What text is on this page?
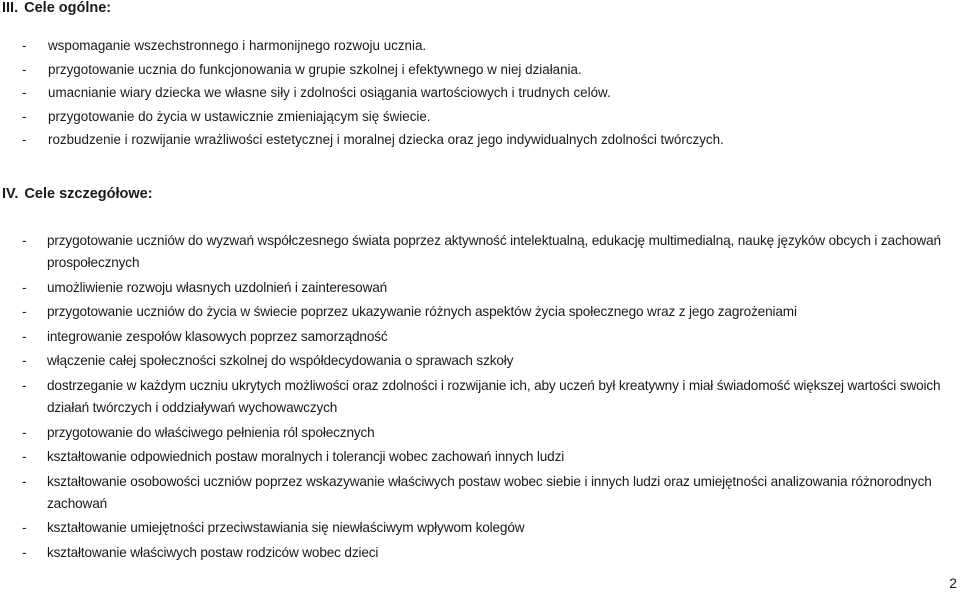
III. Cele ogólne:
- wspomaganie wszechstronnego i harmonijnego rozwoju ucznia.
- przygotowanie ucznia do funkcjonowania w grupie szkolnej i efektywnego w niej działania.
- umacnianie wiary dziecka we własne siły i zdolności osiągania wartościowych i trudnych celów.
- przygotowanie do życia w ustawicznie zmieniającym się świecie.
- rozbudzenie i rozwijanie wrażliwości estetycznej i moralnej dziecka oraz jego indywidualnych zdolności twórczych.
IV. Cele szczegółowe:
- przygotowanie uczniów do wyzwań współczesnego świata poprzez aktywność intelektualną, edukację multimedialną, naukę języków obcych i zachowań prospołecznych
- umożliwienie rozwoju własnych uzdolnień i zainteresowań
- przygotowanie uczniów do życia w świecie poprzez ukazywanie różnych aspektów życia społecznego wraz z jego zagrożeniami
- integrowanie zespołów klasowych poprzez samorządność
- włączenie całej społeczności szkolnej do współdecydowania o sprawach szkoły
- dostrzeganie w każdym uczniu ukrytych możliwości oraz zdolności i rozwijanie ich, aby uczeń był kreatywny i miał świadomość większej wartości swoich działań twórczych i oddziaływań wychowawczych
- przygotowanie do właściwego pełnienia ról społecznych
- kształtowanie odpowiednich postaw moralnych i tolerancji wobec zachowań innych ludzi
- kształtowanie osobowości uczniów poprzez wskazywanie właściwych postaw wobec siebie i innych ludzi oraz umiejętności analizowania różnorodnych zachowań
- kształtowanie umiejętności przeciwstawiania się niewłaściwym wpływom kolegów
- kształtowanie właściwych postaw rodziców wobec dzieci
2
